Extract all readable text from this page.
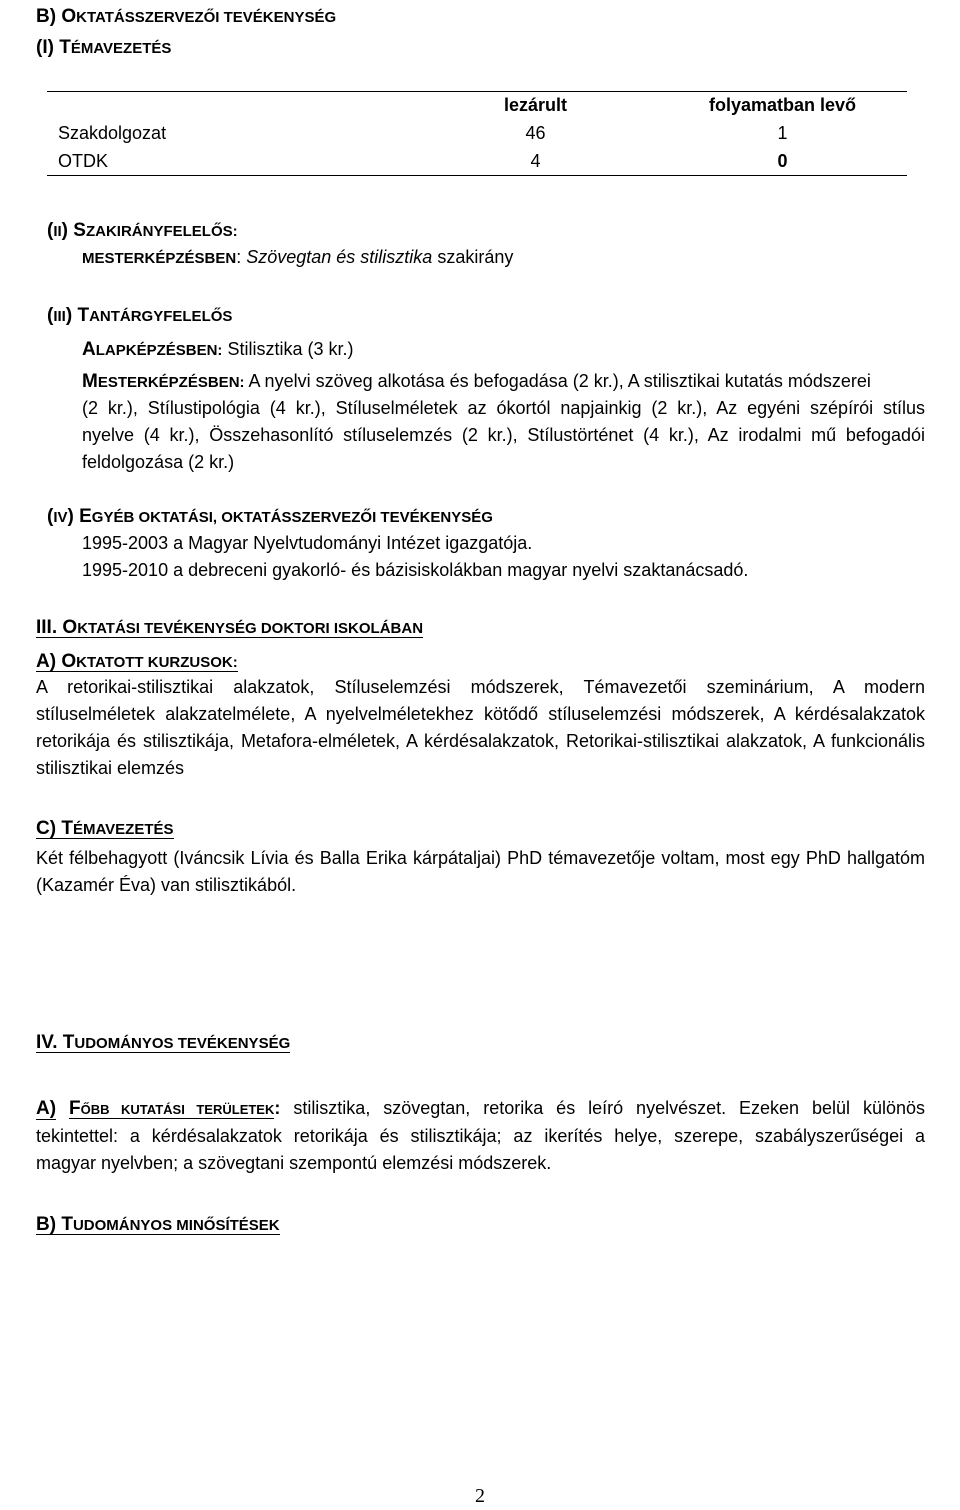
B) OKTATÁSSZERVEZŐI TEVÉKENYSÉG
(I) TÉMAVEZETÉS
	lezárult	folyamatban levő
Szakdolgozat	46	1
OTDK	4	0
(II) SZAKIRÁNYFELELŐS:
MESTERKÉPZÉSBEN: Szövegtan és stilisztika szakirány
(III) TANTÁRGYFELELŐS
ALAPKÉPZÉSBEN: Stilisztika (3 kr.)
MESTERKÉPZÉSBEN: A nyelvi szöveg alkotása és befogadása (2 kr.), A stilisztikai kutatás módszerei
(2 kr.), Stílustipológia (4 kr.), Stíluselméletek az ókortól napjainkig (2 kr.), Az egyéni szépírói stílus
nyelve (4 kr.), Összehasonlító stíluselemzés (2 kr.), Stílustörténet (4 kr.), Az irodalmi mű befogadói
feldolgozása (2 kr.)
(IV) EGYÉB OKTATÁSI, OKTATÁSSZERVEZŐI TEVÉKENYSÉG
1995-2003 a Magyar Nyelvtudományi Intézet igazgatója.
1995-2010 a debreceni gyakorló- és bázisiskolákban magyar nyelvi szaktanácsadó.
III. OKTATÁSI TEVÉKENYSÉG DOKTORI ISKOLÁBAN
A) OKTATOTT KURZUSOK:
A retorikai-stilisztikai alakzatok, Stíluselemzési módszerek, Témavezetői szeminárium, A modern
stíluselméletek alakzatelmélete, A nyelvelméletekhez kötődő stíluselemzési módszerek, A kérdésalakzatok
retorikája és stilisztikája, Metafora-elméletek, A kérdésalakzatok, Retorikai-stilisztikai alakzatok, A funkcionális
stilisztikai elemzés
C) TÉMAVEZETÉS
Két félbehagyott (Iváncsik Lívia és Balla Erika kárpátaljai) PhD témavezetője voltam, most egy PhD hallgatóm
(Kazamér Éva) van stilisztikából.
IV. TUDOMÁNYOS TEVÉKENYSÉG
A) FŐBB KUTATÁSI TERÜLETEK: stilisztika, szövegtan, retorika és leíró nyelvészet. Ezeken belül különös
tekintettel: a kérdésalakzatok retorikája és stilisztikája; az ikerítés helye, szerepe, szabályszerűségei a
magyar nyelvben; a szövegtani szempontú elemzési módszerek.
B) TUDOMÁNYOS MINŐSÍTÉSEK
2
